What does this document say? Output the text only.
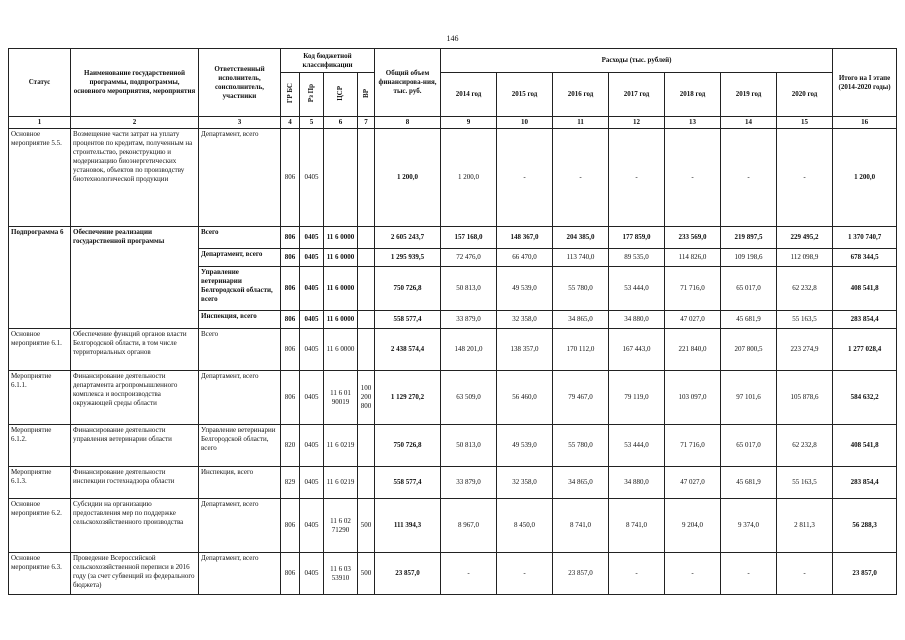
146
Статус	Наименование государственной программы, подпрограммы, основного мероприятия, мероприятия	Ответственный исполнитель, соисполнитель, участники	Код бюджетной классификации				Общий объем финансирова-ния, тыс. руб.	Расходы (тыс. рублей)							Итого на I этапе (2014-2020 годы)
			ГР БС	Рз Пр	ЦСР	ВР		2014 год	2015 год	2016 год	2017 год	2018 год	2019 год	2020 год	
1	2	3	4	5	6	7	8	9	10	11	12	13	14	15	16
Основное мероприятие 5.5.	Возмещение части затрат на уплату процентов по кредитам, полученным на строительство, реконструкцию и модернизацию биоэнергетических установок, объектов по производству биотехнологической продукции	Департамент, всего	806	0405			1 200,0	1 200,0	-	-	-	-	-	-	1 200,0
Подпрограмма 6	Обеспечение реализации государственной программы	Всего	806	0405	11 6 0000		2 605 243,7	157 168,0	148 367,0	204 385,0	177 859,0	233 569,0	219 897,5	229 495,2	1 370 740,7
		Департамент, всего	806	0405	11 6 0000		1 295 939,5	72 476,0	66 470,0	113 740,0	89 535,0	114 826,0	109 198,6	112 098,9	678 344,5
		Управление ветеринарии Белгородской области, всего	806	0405	11 6 0000		750 726,8	50 813,0	49 539,0	55 780,0	53 444,0	71 716,0	65 017,0	62 232,8	408 541,8
		Инспекция, всего	806	0405	11 6 0000		558 577,4	33 879,0	32 358,0	34 865,0	34 880,0	47 027,0	45 681,9	55 163,5	283 854,4
Основное мероприятие 6.1.	Обеспечение функций органов власти Белгородской области, в том числе территориальных органов	Всего	806	0405	11 6 0000		2 438 574,4	148 201,0	138 357,0	170 112,0	167 443,0	221 840,0	207 800,5	223 274,9	1 277 028,4
Мероприятие 6.1.1.	Финансирование деятельности департамента агропромышленного комплекса и воспроизводства окружающей среды области	Департамент, всего	806	0405	11 6 01 90019	100 200 800	1 129 270,2	63 509,0	56 460,0	79 467,0	79 119,0	103 097,0	97 101,6	105 878,6	584 632,2
Мероприятие 6.1.2.	Финансирование деятельности управления ветеринарии области	Управление ветеринарии Белгородской области, всего	820	0405	11 6 0219		750 726,8	50 813,0	49 539,0	55 780,0	53 444,0	71 716,0	65 017,0	62 232,8	408 541,8
Мероприятие 6.1.3.	Финансирование деятельности инспекции гостехнадзора области	Инспекция, всего	829	0405	11 6 0219		558 577,4	33 879,0	32 358,0	34 865,0	34 880,0	47 027,0	45 681,9	55 163,5	283 854,4
Основное мероприятие 6.2.	Субсидии на организацию предоставления мер по поддержке сельскохозяйственного производства	Департамент, всего	806	0405	11 6 02 71290	500	111 394,3	8 967,0	8 450,0	8 741,0	8 741,0	9 204,0	9 374,0	2 811,3	56 288,3
Основное мероприятие 6.3.	Проведение Всероссийской сельскохозяйственной переписи в 2016 году (за счет субвенций из федерального бюджета)	Департамент, всего	806	0405	11 6 03 53910	500	23 857,0	-	-	23 857,0	-	-	-	-	23 857,0
